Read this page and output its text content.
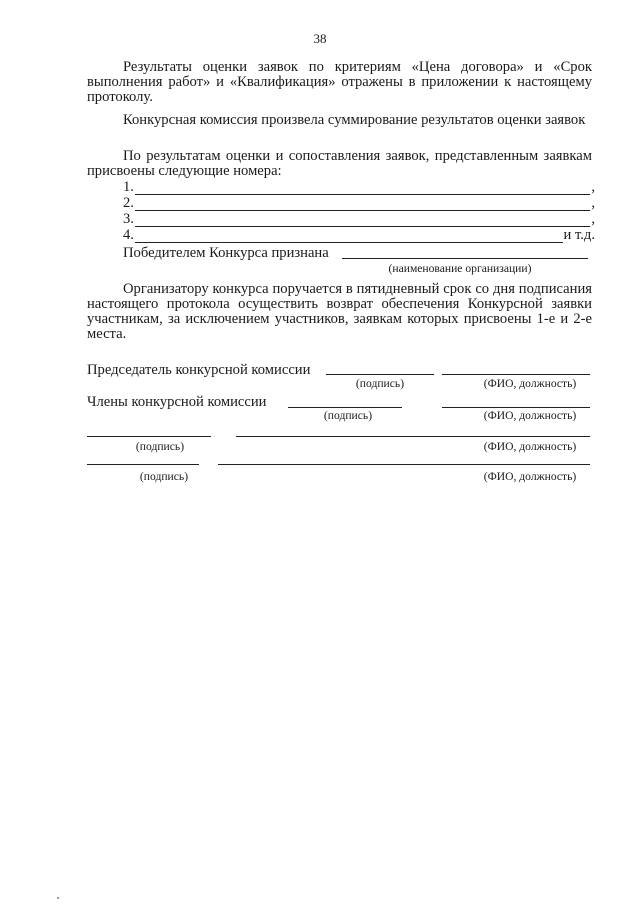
38

Результаты оценки заявок по критериям «Цена договора» и «Срок выполнения работ» и «Квалификация» отражены в приложении к настоящему протоколу.

Конкурсная комиссия произвела суммирование результатов оценки заявок

По результатам оценки и сопоставления заявок, представленным заявкам присвоены следующие номера:

1.	,
2.	,
3.	,
4.	и т.д.
Победителем Конкурса признана
(наименование организации)

Организатору конкурса поручается в пятидневный срок со дня подписания настоящего протокола осуществить возврат обеспечения Конкурсной заявки участникам, за исключением участников, заявкам которых присвоены 1-е и 2-е места.

Председатель конкурсной комиссии
(подпись)	(ФИО, должность)
Члены конкурсной комиссии
(подпись)	(ФИО, должность)
(подпись)	(ФИО, должность)
(подпись)	(ФИО, должность)
